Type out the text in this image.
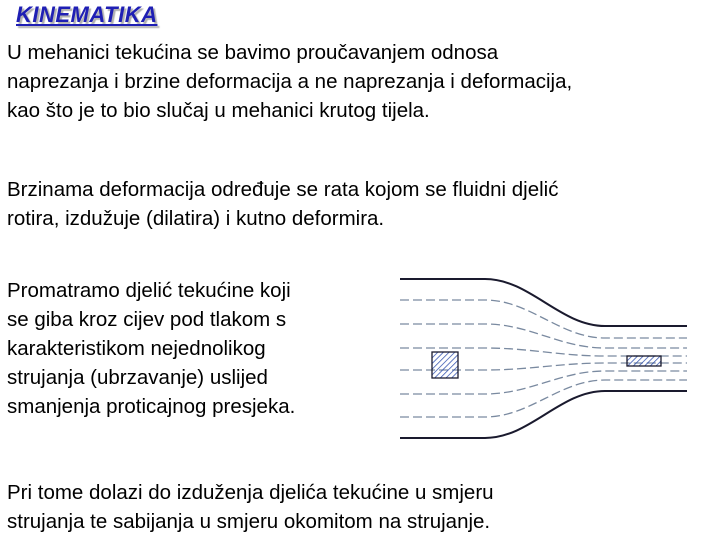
KINEMATIKA
U mehanici tekućina se bavimo proučavanjem odnosa
naprezanja i brzine deformacija a ne naprezanja i deformacija,
kao što je to bio slučaj u mehanici krutog tijela.
Brzinama deformacija određuje se rata kojom se fluidni djelić
rotira, izdužuje (dilatira) i kutno deformira.
Promatramo djelić tekućine koji
se giba kroz cijev pod tlakom s
karakteristikom nejednolikog
strujanja (ubrzavanje) uslijed
smanjenja proticajnog presjeka.
Pri tome dolazi do izduženja djelića tekućine u smjeru
strujanja te sabijanja u smjeru okomitom na strujanje.
